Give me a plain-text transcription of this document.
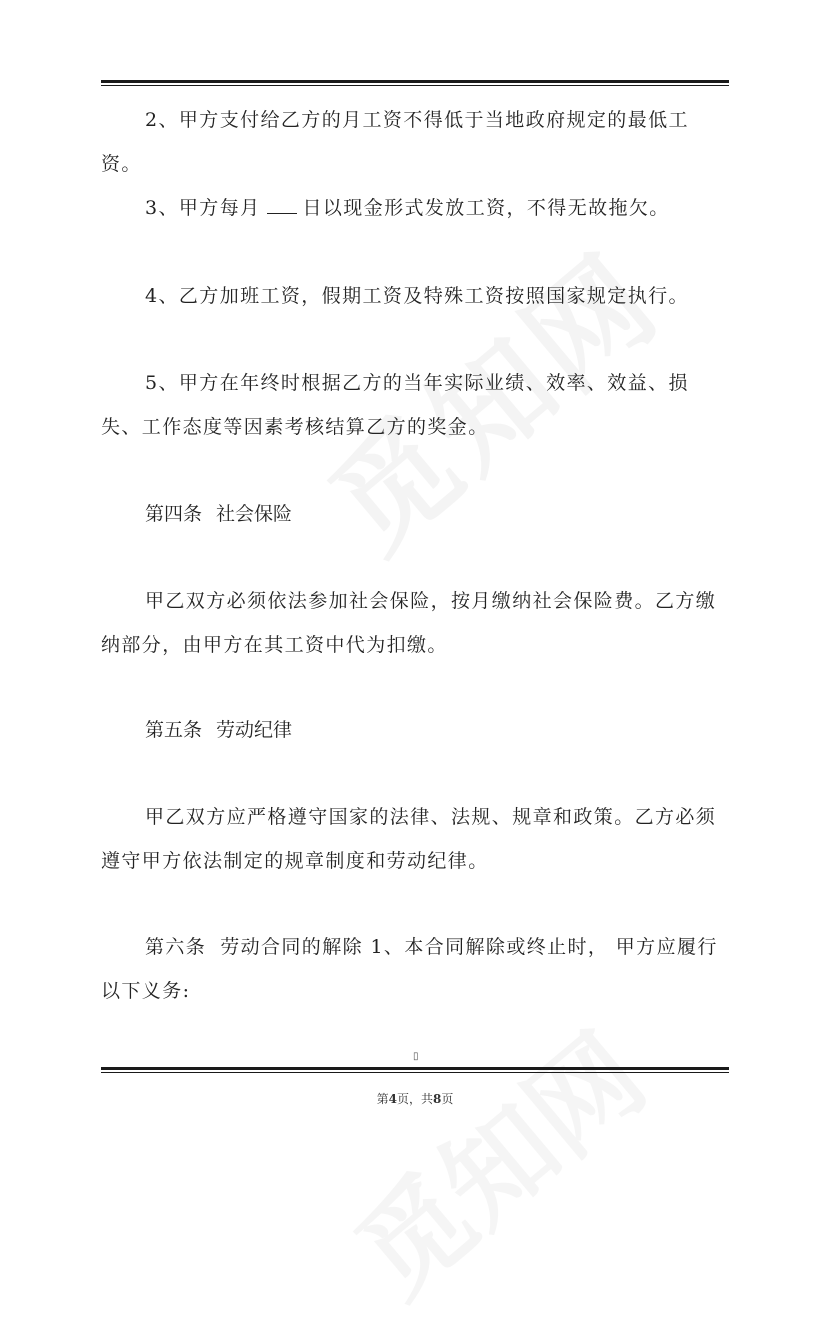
2、甲方支付给乙方的月工资不得低于当地政府规定的最低工资。

3、甲方每月 日以现金形式发放工资，不得无故拖欠。

4、乙方加班工资，假期工资及特殊工资按照国家规定执行。

5、甲方在年终时根据乙方的当年实际业绩、效率、效益、损失、工作态度等因素考核结算乙方的奖金。

第四条 社会保险

甲乙双方必须依法参加社会保险，按月缴纳社会保险费。乙方缴纳部分，由甲方在其工资中代为扣缴。

第五条 劳动纪律

甲乙双方应严格遵守国家的法律、法规、规章和政策。乙方必须遵守甲方依法制定的规章制度和劳动纪律。

第六条 劳动合同的解除 1、本合同解除或终止时， 甲方应履行以下义务:

▯
第4页，共8页
